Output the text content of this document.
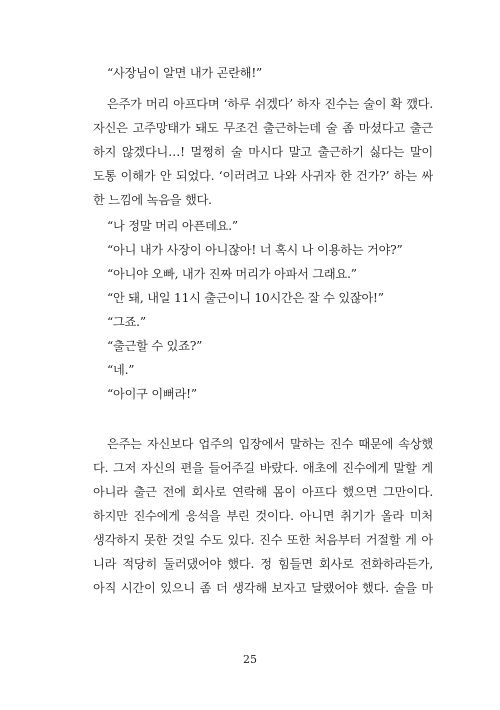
“사장님이 알면 내가 곤란해!”
은주가 머리 아프다며 ‘하루 쉬겠다’ 하자 진수는 술이 확 깼다.
자신은 고주망태가 돼도 무조건 출근하는데 술 좀 마셨다고 출근
하지 않겠다니…! 멀쩡히 술 마시다 말고 출근하기 싫다는 말이
도통 이해가 안 되었다. ‘이러려고 나와 사귀자 한 건가?’ 하는 싸
한 느낌에 녹음을 했다.
“나 정말 머리 아픈데요.”
“아니 내가 사장이 아니잖아! 너 혹시 나 이용하는 거야?”
“아니야 오빠, 내가 진짜 머리가 아파서 그래요.”
“안 돼, 내일 11시 출근이니 10시간은 잘 수 있잖아!”
“그죠.”
“출근할 수 있죠?”
“네.”
“아이구 이뻐라!”
은주는 자신보다 업주의 입장에서 말하는 진수 때문에 속상했
다. 그저 자신의 편을 들어주길 바랐다. 애초에 진수에게 말할 게
아니라 출근 전에 회사로 연락해 몸이 아프다 했으면 그만이다.
하지만 진수에게 응석을 부린 것이다. 아니면 취기가 올라 미처
생각하지 못한 것일 수도 있다. 진수 또한 처음부터 거절할 게 아
니라 적당히 둘러댔어야 했다. 정 힘들면 회사로 전화하라든가,
아직 시간이 있으니 좀 더 생각해 보자고 달랬어야 했다. 술을 마
25
